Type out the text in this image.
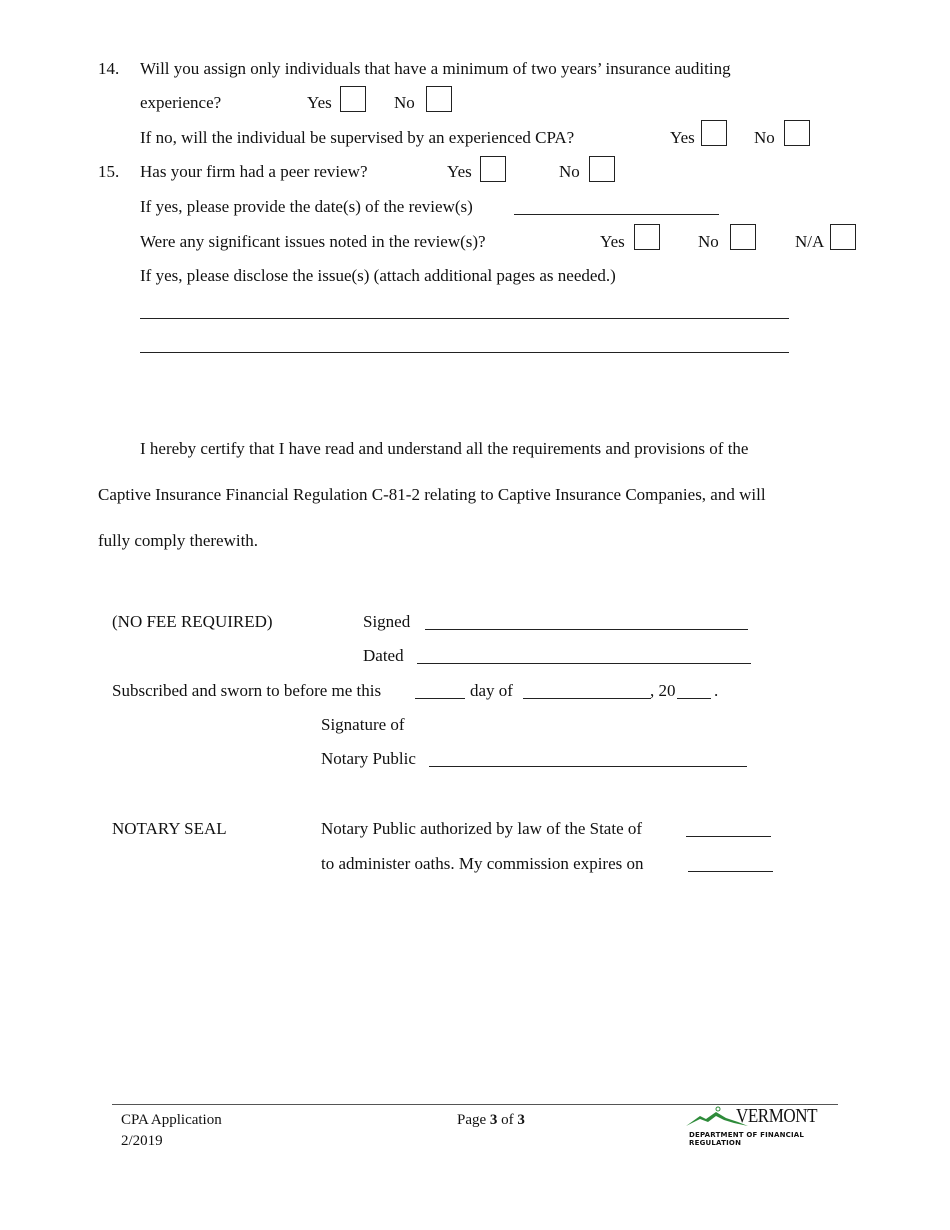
14. Will you assign only individuals that have a minimum of two years’ insurance auditing
experience?	Yes	No
If no, will the individual be supervised by an experienced CPA?	Yes	No
15. Has your firm had a peer review?	Yes	No
If yes, please provide the date(s) of the review(s)
Were any significant issues noted in the review(s)?	Yes	No	N/A
If yes, please disclose the issue(s) (attach additional pages as needed.)
I hereby certify that I have read and understand all the requirements and provisions of the
Captive Insurance Financial Regulation C-81-2 relating to Captive Insurance Companies, and will
fully comply therewith.
(NO FEE REQUIRED)	Signed
Dated
Subscribed and sworn to before me this	day of	, 20 .
Signature of
Notary Public
NOTARY SEAL	Notary Public authorized by law of the State of
to administer oaths. My commission expires on
CPA Application
2/2019
Page 3 of 3	VERMONT
DEPARTMENT OF FINANCIAL REGULATION
